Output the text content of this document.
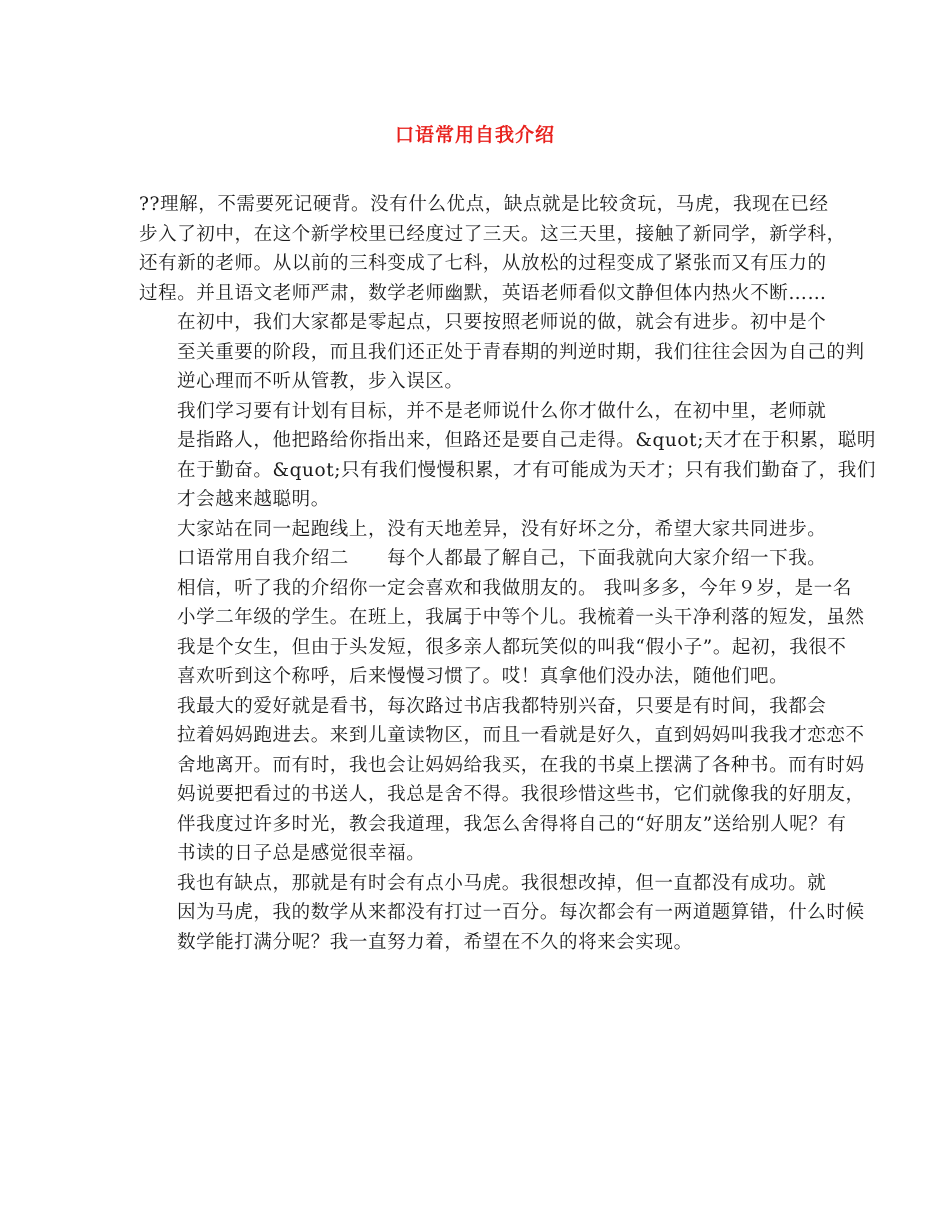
口语常用自我介绍
??理解，不需要死记硬背。没有什么优点，缺点就是比较贪玩，马虎，我现在已经
步入了初中，在这个新学校里已经度过了三天。这三天里，接触了新同学，新学科，
还有新的老师。从以前的三科变成了七科，从放松的过程变成了紧张而又有压力的
过程。并且语文老师严肃，数学老师幽默，英语老师看似文静但体内热火不断……
在初中，我们大家都是零起点，只要按照老师说的做，就会有进步。初中是个
至关重要的阶段，而且我们还正处于青春期的判逆时期，我们往往会因为自己的判
逆心理而不听从管教，步入误区。
我们学习要有计划有目标，并不是老师说什么你才做什么，在初中里，老师就
是指路人，他把路给你指出来，但路还是要自己走得。&quot;天才在于积累，聪明
在于勤奋。&quot;只有我们慢慢积累，才有可能成为天才；只有我们勤奋了，我们
才会越来越聪明。
大家站在同一起跑线上，没有天地差异，没有好坏之分，希望大家共同进步。
口语常用自我介绍二　　每个人都最了解自己，下面我就向大家介绍一下我。
相信，听了我的介绍你一定会喜欢和我做朋友的。 我叫多多，今年９岁，是一名
小学二年级的学生。在班上，我属于中等个儿。我梳着一头干净利落的短发，虽然
我是个女生，但由于头发短，很多亲人都玩笑似的叫我“假小子”。起初，我很不
喜欢听到这个称呼，后来慢慢习惯了。哎！真拿他们没办法，随他们吧。
我最大的爱好就是看书，每次路过书店我都特别兴奋，只要是有时间，我都会
拉着妈妈跑进去。来到儿童读物区，而且一看就是好久，直到妈妈叫我我才恋恋不
舍地离开。而有时，我也会让妈妈给我买，在我的书桌上摆满了各种书。而有时妈
妈说要把看过的书送人，我总是舍不得。我很珍惜这些书，它们就像我的好朋友，
伴我度过许多时光，教会我道理，我怎么舍得将自己的“好朋友”送给别人呢？有
书读的日子总是感觉很幸福。
我也有缺点，那就是有时会有点小马虎。我很想改掉，但一直都没有成功。就
因为马虎，我的数学从来都没有打过一百分。每次都会有一两道题算错，什么时候
数学能打满分呢？我一直努力着，希望在不久的将来会实现。
